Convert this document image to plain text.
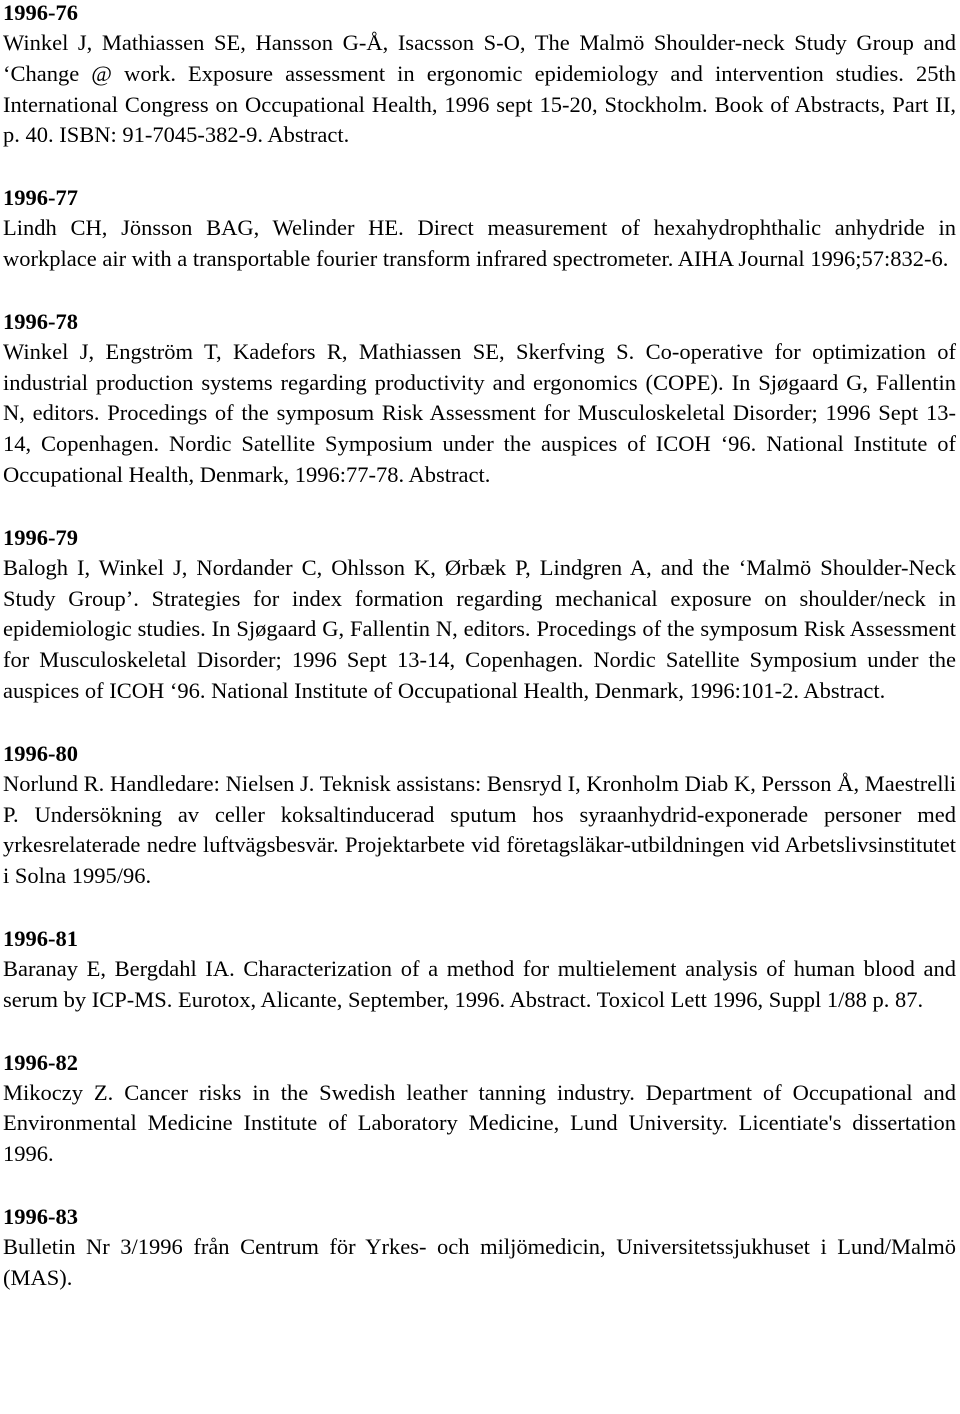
1996-76

Winkel J, Mathiassen SE, Hansson G-Å, Isacsson S-O, The Malmö Shoulder-neck Study Group and ‘Change @ work. Exposure assessment in ergonomic epidemiology and intervention studies. 25th International Congress on Occupational Health, 1996 sept 15-20, Stockholm. Book of Abstracts, Part II, p. 40. ISBN: 91-7045-382-9. Abstract.

1996-77

Lindh CH, Jönsson BAG, Welinder HE. Direct measurement of hexahydrophthalic anhydride in workplace air with a transportable fourier transform infrared spectrometer. AIHA Journal 1996;57:832-6.

1996-78

Winkel J, Engström T, Kadefors R, Mathiassen SE, Skerfving S. Co-operative for optimization of industrial production systems regarding productivity and ergonomics (COPE). In Sjøgaard G, Fallentin N, editors. Procedings of the symposum Risk Assessment for Musculoskeletal Disorder; 1996 Sept 13-14, Copenhagen. Nordic Satellite Symposium under the auspices of ICOH ‘96. National Institute of Occupational Health, Denmark, 1996:77-78. Abstract.

1996-79

Balogh I, Winkel J, Nordander C, Ohlsson K, Ørbæk P, Lindgren A, and the ‘Malmö Shoulder-Neck Study Group’. Strategies for index formation regarding mechanical exposure on shoulder/neck in epidemiologic studies. In Sjøgaard G, Fallentin N, editors. Procedings of the symposum Risk Assessment for Musculoskeletal Disorder; 1996 Sept 13-14, Copenhagen. Nordic Satellite Symposium under the auspices of ICOH ‘96. National Institute of Occupational Health, Denmark, 1996:101-2. Abstract.

1996-80

Norlund R. Handledare: Nielsen J. Teknisk assistans: Bensryd I, Kronholm Diab K, Persson Å, Maestrelli P. Undersökning av celler koksaltinducerad sputum hos syraanhydrid-exponerade personer med yrkesrelaterade nedre luftvägsbesvär. Projektarbete vid företagsläkar-utbildningen vid Arbetslivsinstitutet i Solna 1995/96.

1996-81

Baranay E, Bergdahl IA. Characterization of a method for multielement analysis of human blood and serum by ICP-MS. Eurotox, Alicante, September, 1996. Abstract. Toxicol Lett 1996, Suppl 1/88 p. 87.

1996-82

Mikoczy Z. Cancer risks in the Swedish leather tanning industry. Department of Occupational and Environmental Medicine Institute of Laboratory Medicine, Lund University. Licentiate's dissertation 1996.

1996-83

Bulletin Nr 3/1996 från Centrum för Yrkes- och miljömedicin, Universitetssjukhuset i Lund/Malmö (MAS).
